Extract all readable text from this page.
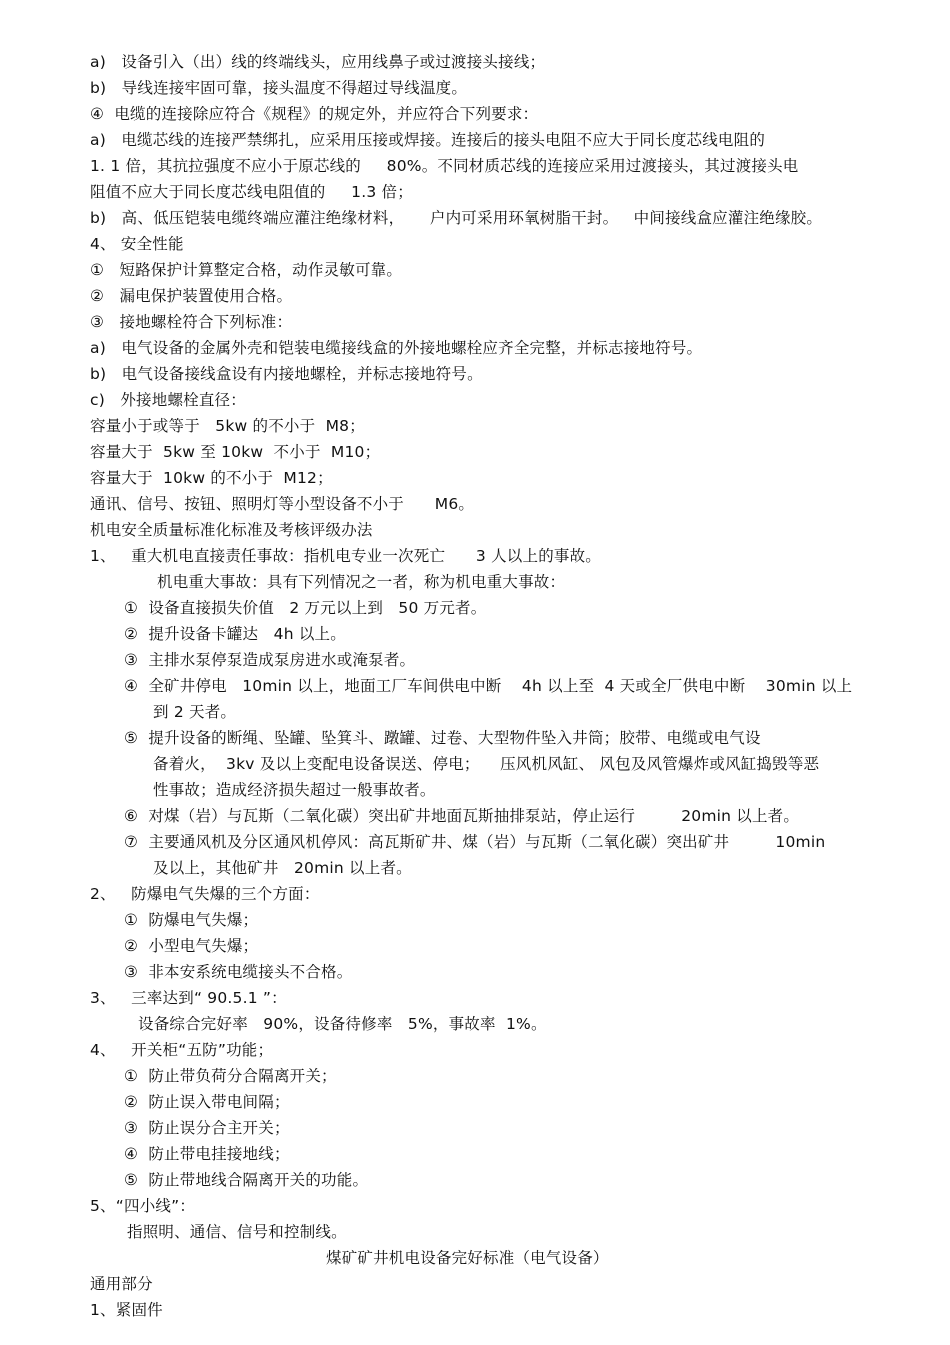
a)   设备引入（出）线的终端线头，应用线鼻子或过渡接头接线；
b)   导线连接牢固可靠，接头温度不得超过导线温度。
④  电缆的连接除应符合《规程》的规定外，并应符合下列要求：
a)   电缆芯线的连接严禁绑扎，应采用压接或焊接。连接后的接头电阻不应大于同长度芯线电阻的
1. 1 倍，其抗拉强度不应小于原芯线的     80%。不同材质芯线的连接应采用过渡接头，其过渡接头电
阻值不应大于同长度芯线电阻值的     1.3 倍；
b)   高、低压铠装电缆终端应灌注绝缘材料，     户内可采用环氧树脂干封。   中间接线盒应灌注绝缘胶。
4、 安全性能
①   短路保护计算整定合格，动作灵敏可靠。
②   漏电保护装置使用合格。
③   接地螺栓符合下列标准：
a)   电气设备的金属外壳和铠装电缆接线盒的外接地螺栓应齐全完整，并标志接地符号。
b)   电气设备接线盒设有内接地螺栓，并标志接地符号。
c)   外接地螺栓直径：
容量小于或等于   5kw 的不小于  M8；
容量大于  5kw 至 10kw  不小于  M10；
容量大于  10kw 的不小于  M12；
通讯、信号、按钮、照明灯等小型设备不小于      M6。
机电安全质量标准化标准及考核评级办法
1、   重大机电直接责任事故：指机电专业一次死亡      3 人以上的事故。
机电重大事故：具有下列情况之一者，称为机电重大事故：
①  设备直接损失价值   2 万元以上到   50 万元者。
②  提升设备卡罐达   4h 以上。
③  主排水泵停泵造成泵房进水或淹泵者。
④  全矿井停电   10min 以上，地面工厂车间供电中断    4h 以上至  4 天或全厂供电中断    30min 以上
到 2 天者。
⑤  提升设备的断绳、坠罐、坠箕斗、蹾罐、过卷、大型物件坠入井筒；胶带、电缆或电气设
备着火，  3kv 及以上变配电设备误送、停电；    压风机风缸、 风包及风管爆炸或风缸捣毁等恶
性事故；造成经济损失超过一般事故者。
⑥  对煤（岩）与瓦斯（二氧化碳）突出矿井地面瓦斯抽排泵站，停止运行         20min 以上者。
⑦  主要通风机及分区通风机停风：高瓦斯矿井、煤（岩）与瓦斯（二氧化碳）突出矿井         10min
及以上，其他矿井   20min 以上者。
2、   防爆电气失爆的三个方面：
①  防爆电气失爆；
②  小型电气失爆；
③  非本安系统电缆接头不合格。
3、   三率达到“ 90.5.1 ”：
设备综合完好率   90%，设备待修率   5%，事故率  1%。
4、   开关柜“五防”功能；
①  防止带负荷分合隔离开关；
②  防止误入带电间隔；
③  防止误分合主开关；
④  防止带电挂接地线；
⑤  防止带地线合隔离开关的功能。
5、“四小线”：
指照明、通信、信号和控制线。
煤矿矿井机电设备完好标准（电气设备）
通用部分
1、紧固件
